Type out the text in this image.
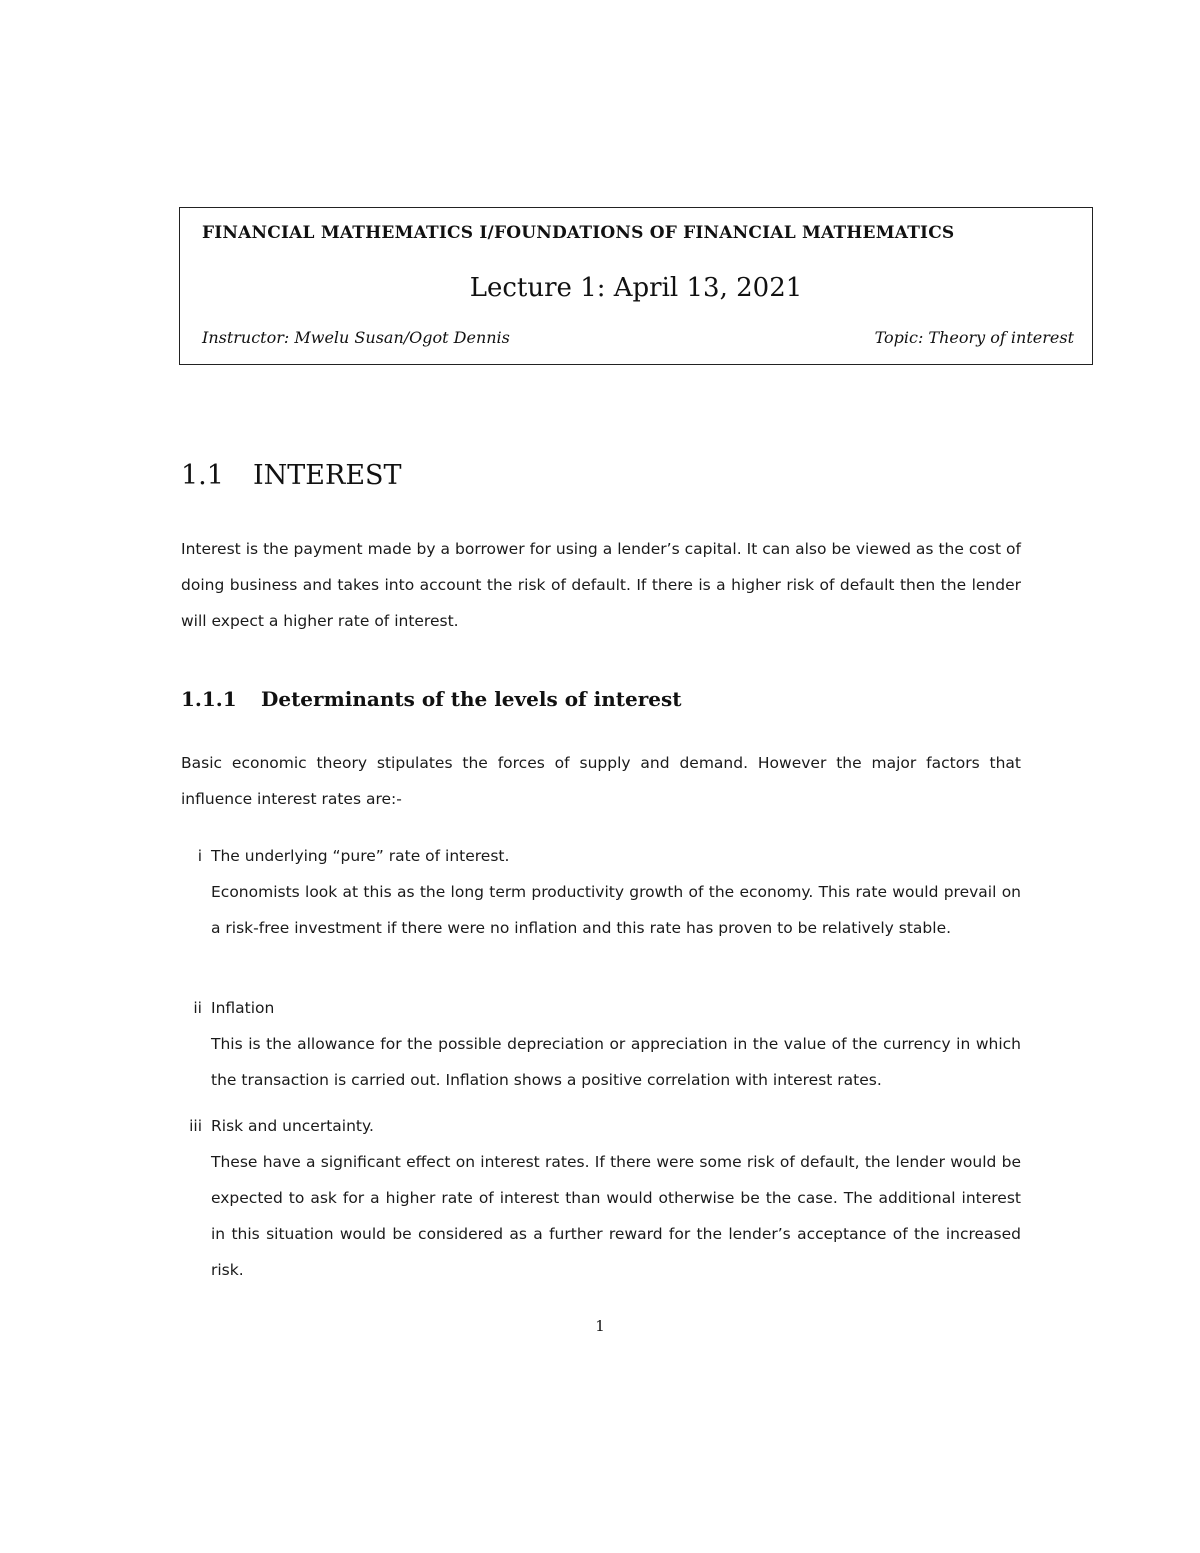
FINANCIAL MATHEMATICS I/FOUNDATIONS OF FINANCIAL MATHEMATICS
Lecture 1: April 13, 2021
Instructor: Mwelu Susan/Ogot Dennis	Topic: Theory of interest
1.1 INTEREST
Interest is the payment made by a borrower for using a lender’s capital. It can also be viewed as the cost of doing business and takes into account the risk of default. If there is a higher risk of default then the lender will expect a higher rate of interest.
1.1.1 Determinants of the levels of interest
Basic economic theory stipulates the forces of supply and demand. However the major factors that influence interest rates are:-
i The underlying “pure” rate of interest.
Economists look at this as the long term productivity growth of the economy. This rate would prevail on a risk-free investment if there were no inflation and this rate has proven to be relatively stable.
ii Inflation
This is the allowance for the possible depreciation or appreciation in the value of the currency in which the transaction is carried out. Inflation shows a positive correlation with interest rates.
iii Risk and uncertainty.
These have a significant effect on interest rates. If there were some risk of default, the lender would be expected to ask for a higher rate of interest than would otherwise be the case. The additional interest in this situation would be considered as a further reward for the lender’s acceptance of the increased risk.
1
